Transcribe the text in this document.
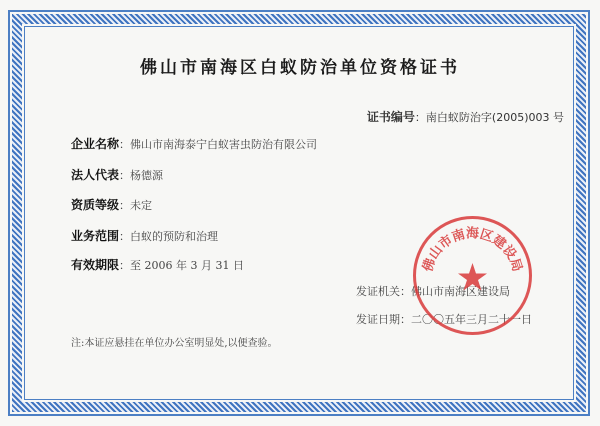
佛山市南海区白蚁防治单位资格证书
证书编号：南白蚁防治字(2005)003 号
企业名称：佛山市南海泰宁白蚁害虫防治有限公司
法人代表：杨德源
资质等级：未定
业务范围：白蚁的预防和治理
有效期限：至 2006 年 3 月 31 日
发证机关：佛山市南海区建设局
发证日期：二〇〇五年三月二十一日
注:本证应悬挂在单位办公室明显处,以便查验。
佛山市南海区建设局
